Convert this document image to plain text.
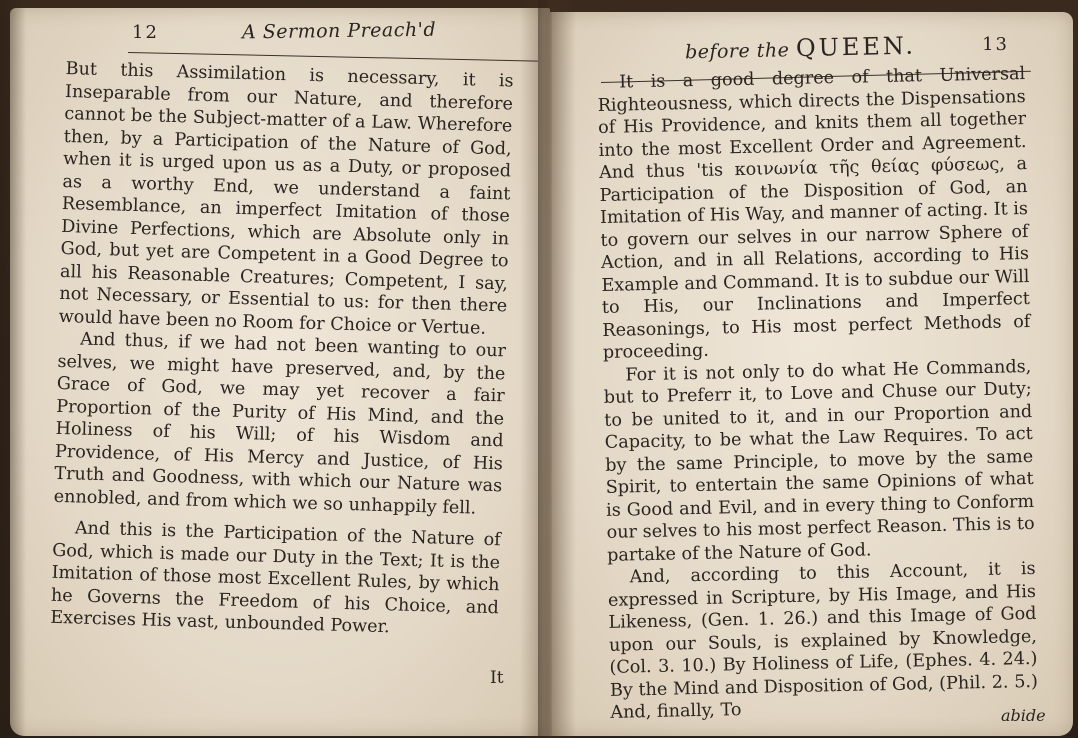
12	A Sermon Preach'd

But this Assimilation is necessary, it is Inseparable from our Nature, and therefore cannot be the Subject-matter of a Law. Wherefore then, by a Participation of the Nature of God, when it is urged upon us as a Duty, or proposed as a worthy End, we understand a faint Resemblance, an imperfect Imitation of those Divine Perfections, which are Absolute only in God, but yet are Competent in a Good Degree to all his Reasonable Creatures; Competent, I say, not Necessary, or Essential to us: for then there would have been no Room for Choice or Vertue.

And thus, if we had not been wanting to our selves, we might have preserved, and, by the Grace of God, we may yet recover a fair Proportion of the Purity of His Mind, and the Holiness of his Will; of his Wisdom and Providence, of His Mercy and Justice, of His Truth and Goodness, with which our Nature was ennobled, and from which we so unhappily fell.

And this is the Participation of the Nature of God, which is made our Duty in the Text; It is the Imitation of those most Excellent Rules, by which he Governs the Freedom of his Choice, and Exercises His vast, unbounded Power.

It
before the QUEEN.	13

It is a good degree of that Universal Righteousness, which directs the Dispensations of His Providence, and knits them all together into the most Excellent Order and Agreement. And thus 'tis κοινωνία τῆς θείας φύσεως, a Participation of the Disposition of God, an Imitation of His Way, and manner of acting. It is to govern our selves in our narrow Sphere of Action, and in all Relations, according to His Example and Command. It is to subdue our Will to His, our Inclinations and Imperfect Reasonings, to His most perfect Methods of proceeding.

For it is not only to do what He Commands, but to Preferr it, to Love and Chuse our Duty; to be united to it, and in our Proportion and Capacity, to be what the Law Requires. To act by the same Principle, to move by the same Spirit, to entertain the same Opinions of what is Good and Evil, and in every thing to Conform our selves to his most perfect Reason. This is to partake of the Nature of God.

And, according to this Account, it is expressed in Scripture, by His Image, and His Likeness, (Gen. 1. 26.) and this Image of God upon our Souls, is explained by Knowledge, (Col. 3. 10.) By Holiness of Life, (Ephes. 4. 24.) By the Mind and Disposition of God, (Phil. 2. 5.) And, finally, To	abide
